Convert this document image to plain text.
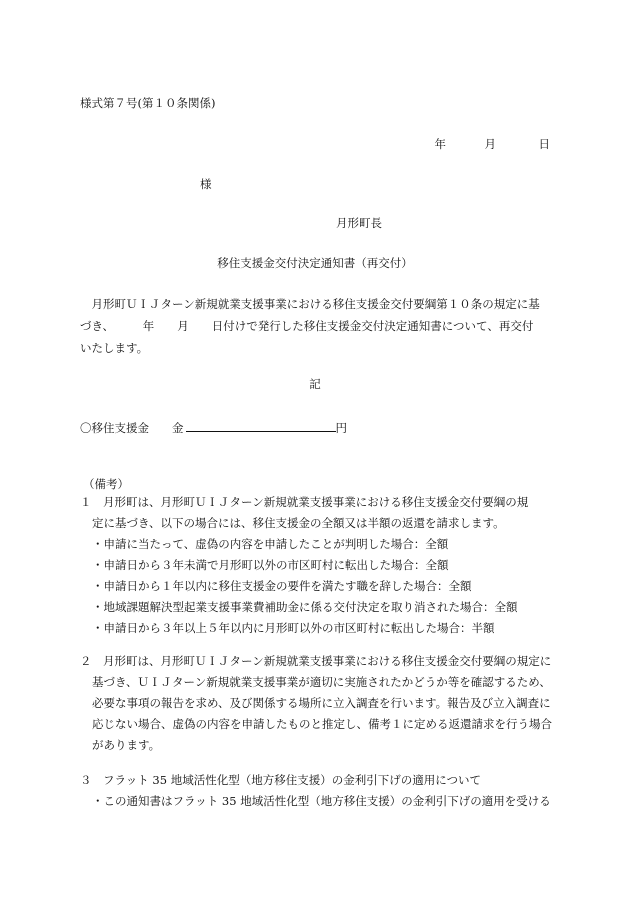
様式第７号(第１０条関係)
年	月	日
様
月形町長
移住支援金交付決定通知書（再交付）
　月形町ＵＩＪターン新規就業支援事業における移住支援金交付要綱第１０条の規定に基
づき、　　　年　　月　　日付けで発行した移住支援金交付決定通知書について、再交付
いたします。
記
〇移住支援金　　金	円
（備考）
１　月形町は、月形町ＵＩＪターン新規就業支援事業における移住支援金交付要綱の規
定に基づき、以下の場合には、移住支援金の全額又は半額の返還を請求します。
・申請に当たって、虚偽の内容を申請したことが判明した場合：全額
・申請日から３年未満で月形町以外の市区町村に転出した場合：全額
・申請日から１年以内に移住支援金の要件を満たす職を辞した場合：全額
・地域課題解決型起業支援事業費補助金に係る交付決定を取り消された場合：全額
・申請日から３年以上５年以内に月形町以外の市区町村に転出した場合：半額
２　月形町は、月形町ＵＩＪターン新規就業支援事業における移住支援金交付要綱の規定に
基づき、ＵＩＪターン新規就業支援事業が適切に実施されたかどうか等を確認するため、
必要な事項の報告を求め、及び関係する場所に立入調査を行います。報告及び立入調査に
応じない場合、虚偽の内容を申請したものと推定し、備考１に定める返還請求を行う場合
があります。
３　フラット 35 地域活性化型（地方移住支援）の金利引下げの適用について
・この通知書はフラット 35 地域活性化型（地方移住支援）の金利引下げの適用を受ける
